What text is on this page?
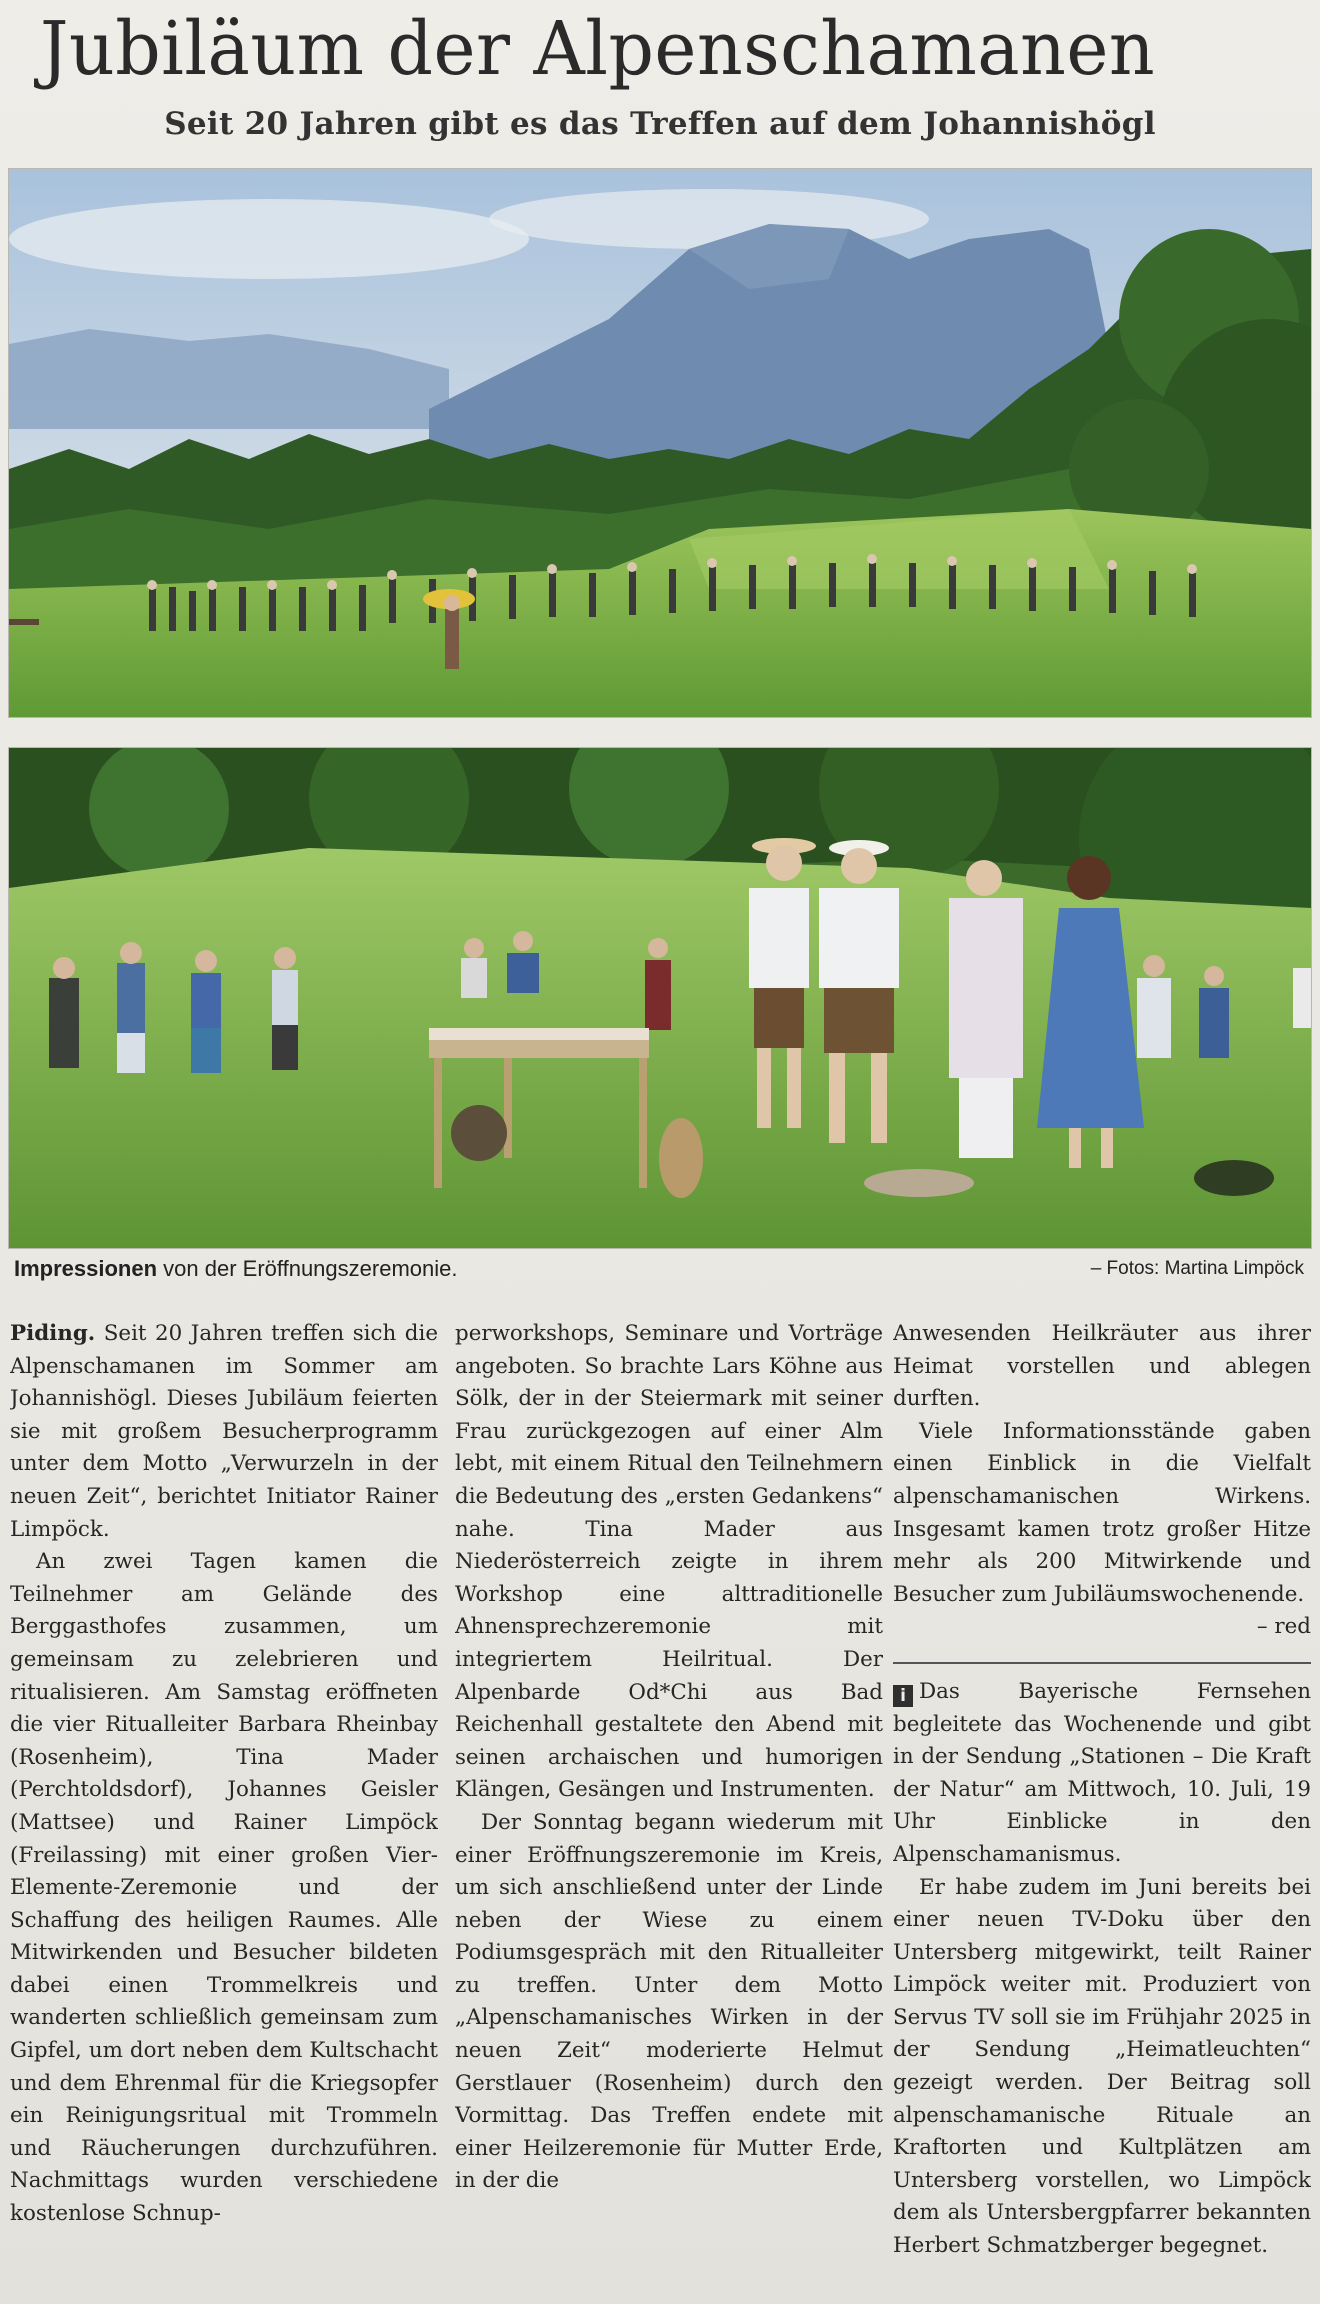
Jubiläum der Alpenschamanen
Seit 20 Jahren gibt es das Treffen auf dem Johannishögl
Impressionen von der Eröffnungszeremonie.	– Fotos: Martina Limpöck

Piding. Seit 20 Jahren treffen sich die Alpenschamanen im Sommer am Johannishögl. Dieses Jubiläum feierten sie mit großem Besucherprogramm unter dem Motto „Verwurzeln in der neuen Zeit“, berichtet Initiator Rainer Limpöck.

An zwei Tagen kamen die Teilnehmer am Gelände des Berggasthofes zusammen, um gemeinsam zu zelebrieren und ritualisieren. Am Samstag eröffneten die vier Ritualleiter Barbara Rheinbay (Rosenheim), Tina Mader (Perchtoldsdorf), Johannes Geisler (Mattsee) und Rainer Limpöck (Freilassing) mit einer großen Vier-Elemente-Zeremonie und der Schaffung des heiligen Raumes. Alle Mitwirkenden und Besucher bildeten dabei einen Trommelkreis und wanderten schließlich gemeinsam zum Gipfel, um dort neben dem Kultschacht und dem Ehrenmal für die Kriegsopfer ein Reinigungsritual mit Trommeln und Räucherungen durchzuführen. Nachmittags wurden verschiedene kostenlose Schnup-

perworkshops, Seminare und Vorträge angeboten. So brachte Lars Köhne aus Sölk, der in der Steiermark mit seiner Frau zurückgezogen auf einer Alm lebt, mit einem Ritual den Teilnehmern die Bedeutung des „ersten Gedankens“ nahe. Tina Mader aus Niederösterreich zeigte in ihrem Workshop eine alttraditionelle Ahnensprechzeremonie mit integriertem Heilritual. Der Alpenbarde Od*Chi aus Bad Reichenhall gestaltete den Abend mit seinen archaischen und humorigen Klängen, Gesängen und Instrumenten.

Der Sonntag begann wiederum mit einer Eröffnungszeremonie im Kreis, um sich anschließend unter der Linde neben der Wiese zu einem Podiumsgespräch mit den Ritualleiter zu treffen. Unter dem Motto „Alpenschamanisches Wirken in der neuen Zeit“ moderierte Helmut Gerstlauer (Rosenheim) durch den Vormittag. Das Treffen endete mit einer Heilzeremonie für Mutter Erde, in der die

Anwesenden Heilkräuter aus ihrer Heimat vorstellen und ablegen durften.

Viele Informationsstände gaben einen Einblick in die Vielfalt alpenschamanischen Wirkens. Insgesamt kamen trotz großer Hitze mehr als 200 Mitwirkende und Besucher zum Jubiläumswochenende.

– red

i Das Bayerische Fernsehen begleitete das Wochenende und gibt in der Sendung „Stationen – Die Kraft der Natur“ am Mittwoch, 10. Juli, 19 Uhr Einblicke in den Alpenschamanismus.

Er habe zudem im Juni bereits bei einer neuen TV-Doku über den Untersberg mitgewirkt, teilt Rainer Limpöck weiter mit. Produziert von Servus TV soll sie im Frühjahr 2025 in der Sendung „Heimatleuchten“ gezeigt werden. Der Beitrag soll alpenschamanische Rituale an Kraftorten und Kultplätzen am Untersberg vorstellen, wo Limpöck dem als Untersbergpfarrer bekannten Herbert Schmatzberger begegnet.
